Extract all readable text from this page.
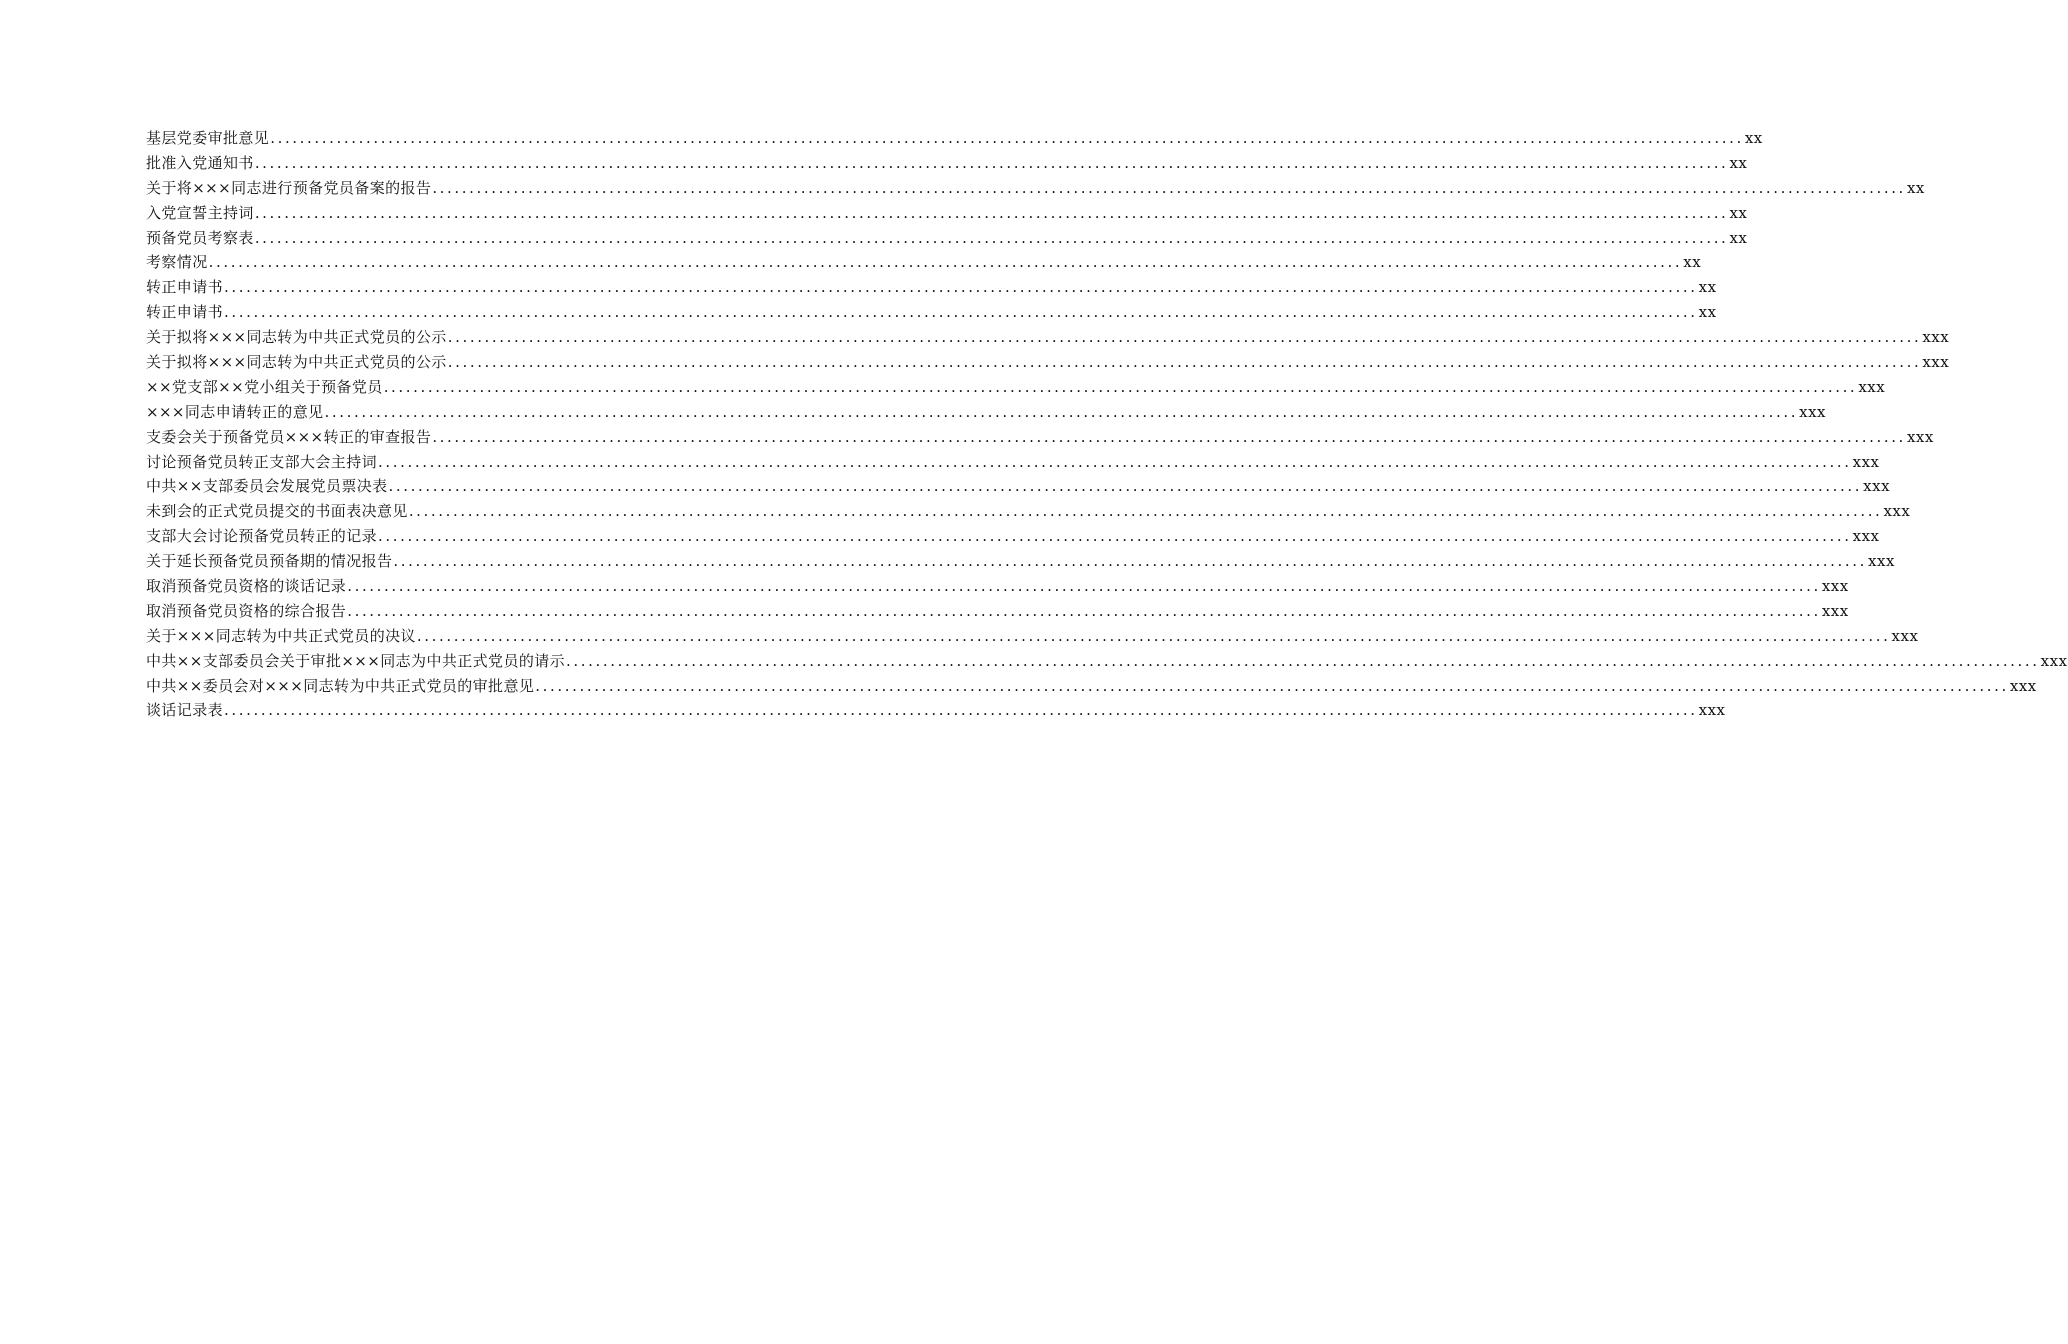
基层党委审批意见 ........................................................................................................................................................................................................ xx
批准入党通知书 ........................................................................................................................................................................................................ xx
关于将×××同志进行预备党员备案的报告 ........................................................................................................................................................................................................ xx
入党宣誓主持词 ........................................................................................................................................................................................................ xx
预备党员考察表 ........................................................................................................................................................................................................ xx
考察情况 ........................................................................................................................................................................................................ xx
转正申请书 ........................................................................................................................................................................................................ xx
转正申请书 ........................................................................................................................................................................................................ xx
关于拟将×××同志转为中共正式党员的公示 ........................................................................................................................................................................................................ xxx
关于拟将×××同志转为中共正式党员的公示 ........................................................................................................................................................................................................ xxx
××党支部××党小组关于预备党员 ........................................................................................................................................................................................................ xxx
×××同志申请转正的意见 ........................................................................................................................................................................................................ xxx
支委会关于预备党员×××转正的审查报告 ........................................................................................................................................................................................................ xxx
讨论预备党员转正支部大会主持词 ........................................................................................................................................................................................................ xxx
中共××支部委员会发展党员票决表 ........................................................................................................................................................................................................ xxx
未到会的正式党员提交的书面表决意见 ........................................................................................................................................................................................................ xxx
支部大会讨论预备党员转正的记录 ........................................................................................................................................................................................................ xxx
关于延长预备党员预备期的情况报告 ........................................................................................................................................................................................................ xxx
取消预备党员资格的谈话记录 ........................................................................................................................................................................................................ xxx
取消预备党员资格的综合报告 ........................................................................................................................................................................................................ xxx
关于×××同志转为中共正式党员的决议 ........................................................................................................................................................................................................ xxx
中共××支部委员会关于审批×××同志为中共正式党员的请示 ........................................................................................................................................................................................................ xxx
中共××委员会对×××同志转为中共正式党员的审批意见 ........................................................................................................................................................................................................ xxx
谈话记录表 ........................................................................................................................................................................................................ xxx
